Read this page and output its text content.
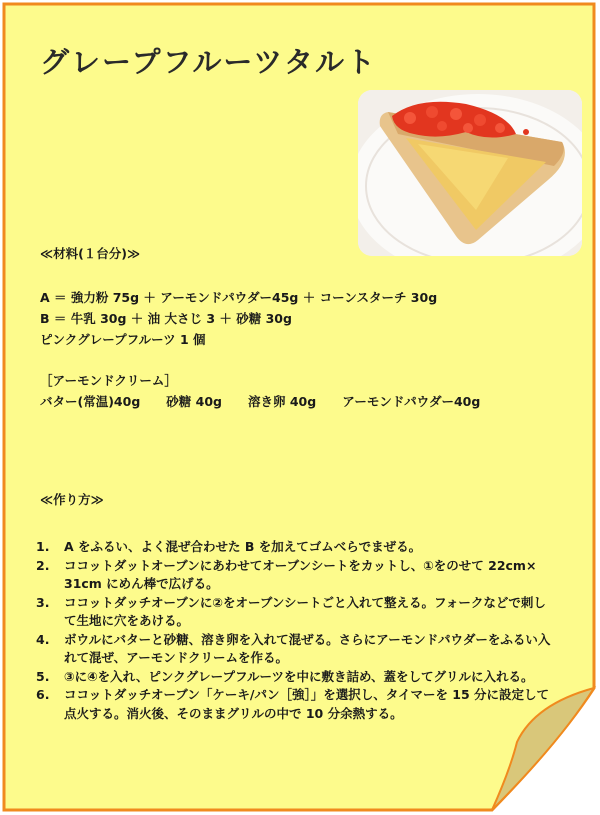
グレープフルーツタルト
≪材料(１台分)≫
A ＝ 強力粉 75g ＋ アーモンドパウダー45g ＋ コーンスターチ 30g
B ＝ 牛乳 30g ＋ 油 大さじ 3 ＋ 砂糖 30g
ピンクグレープフルーツ 1 個
［アーモンドクリーム］
バター(常温)40g 砂糖 40g 溶き卵 40g アーモンドパウダー40g
≪作り方≫
1.	A をふるい、よく混ぜ合わせた B を加えてゴムべらでまぜる。
2.	ココットダットオーブンにあわせてオーブンシートをカットし、①をのせて 22cm× 31cm にめん棒で広げる。
3.	ココットダッチオーブンに②をオーブンシートごと入れて整える。フォークなどで刺して生地に穴をあける。
4.	ボウルにバターと砂糖、溶き卵を入れて混ぜる。さらにアーモンドパウダーをふるい入れて混ぜ、アーモンドクリームを作る。
5.	③に④を入れ、ピンクグレープフルーツを中に敷き詰め、蓋をしてグリルに入れる。
6.	ココットダッチオーブン「ケーキ/パン［強］」を選択し、タイマーを 15 分に設定して点火する。消火後、そのままグリルの中で 10 分余熱する。
